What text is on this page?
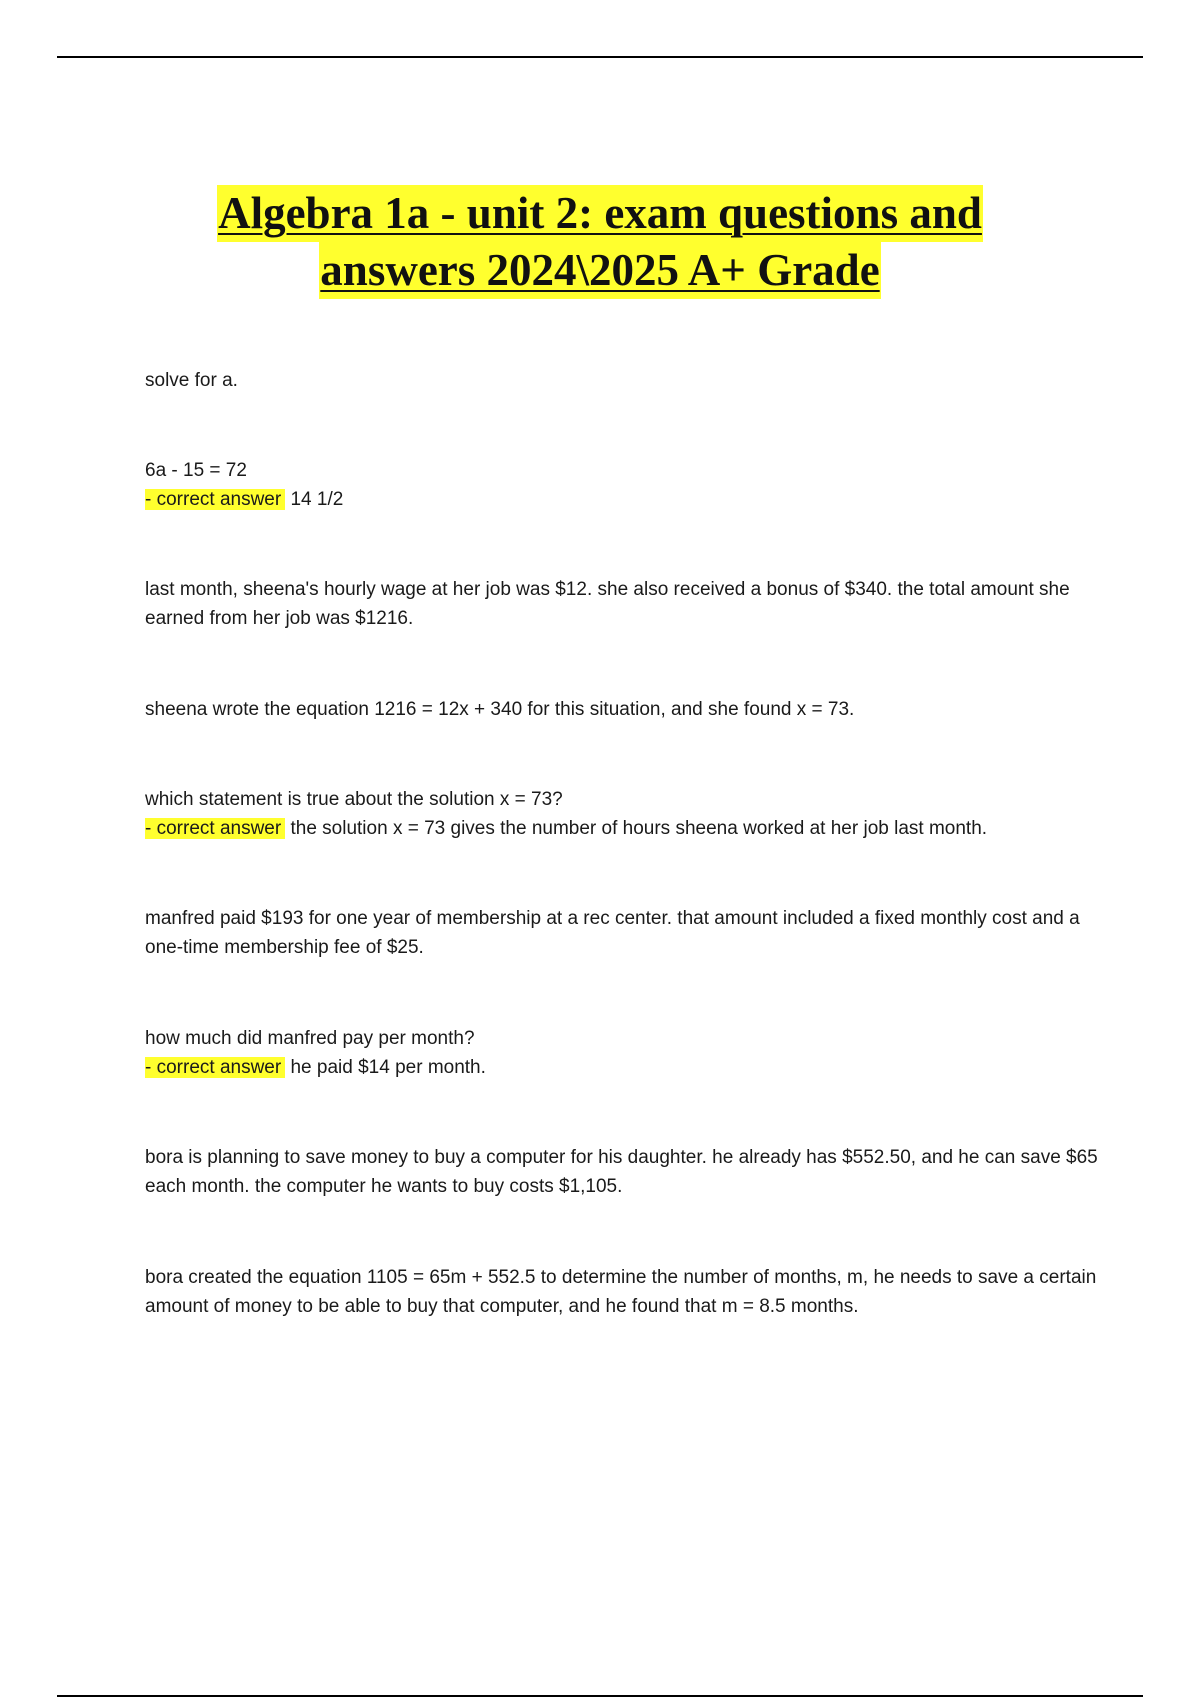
Algebra 1a - unit 2: exam questions and
answers 2024\2025 A+ Grade

solve for a.

6a - 15 = 72

- correct answer 14 1/2

last month, sheena's hourly wage at her job was $12. she also received a bonus of $340. the total amount she earned from her job was $1216.

sheena wrote the equation 1216 = 12x + 340 for this situation, and she found x = 73.

which statement is true about the solution x = 73?

- correct answer the solution x = 73 gives the number of hours sheena worked at her job last month.

manfred paid $193 for one year of membership at a rec center. that amount included a fixed monthly cost and a one-time membership fee of $25.

how much did manfred pay per month?

- correct answer he paid $14 per month.

bora is planning to save money to buy a computer for his daughter. he already has $552.50, and he can save $65 each month. the computer he wants to buy costs $1,105.

bora created the equation 1105 = 65m + 552.5 to determine the number of months, m, he needs to save a certain amount of money to be able to buy that computer, and he found that m = 8.5 months.
